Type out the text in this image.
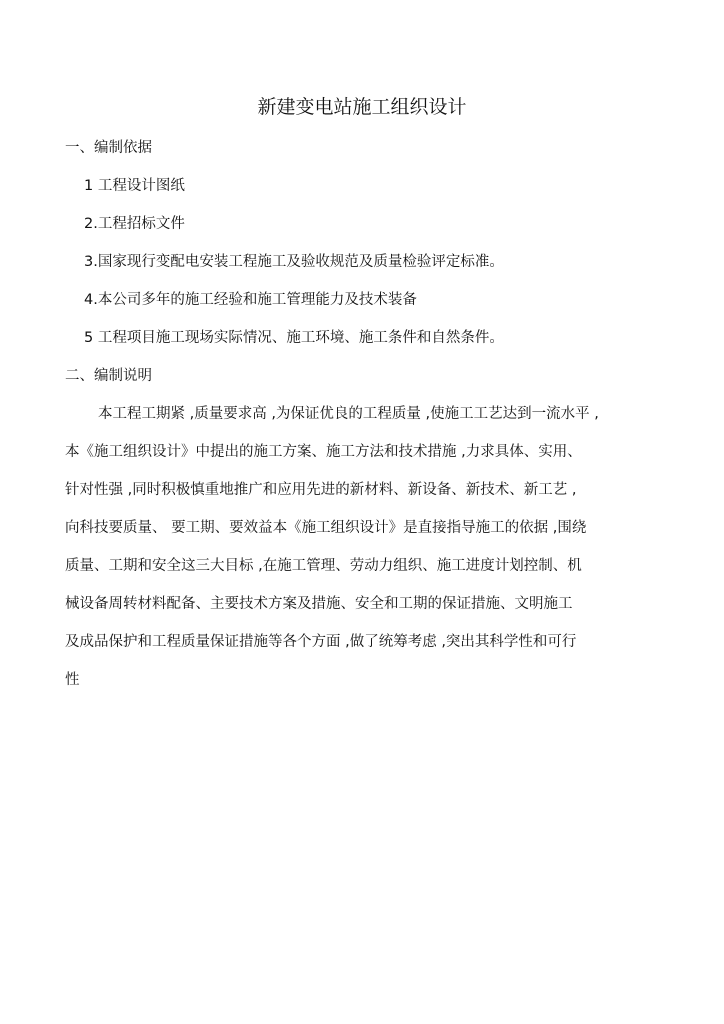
新建变电站施工组织设计
一、编制依据
1 工程设计图纸
2.工程招标文件
3.国家现行变配电安装工程施工及验收规范及质量检验评定标准。
4.本公司多年的施工经验和施工管理能力及技术装备
5 工程项目施工现场实际情况、施工环境、施工条件和自然条件。
二、编制说明
本工程工期紧 ,质量要求高 ,为保证优良的工程质量 ,使施工工艺达到一流水平 ,
本《施工组织设计》中提出的施工方案、施工方法和技术措施 ,力求具体、实用、
针对性强 ,同时积极慎重地推广和应用先进的新材料、新设备、新技术、新工艺 ,
向科技要质量、 要工期、要效益本《施工组织设计》是直接指导施工的依据 ,围绕
质量、工期和安全这三大目标 ,在施工管理、劳动力组织、施工进度计划控制、机
械设备周转材料配备、主要技术方案及措施、安全和工期的保证措施、文明施工
及成品保护和工程质量保证措施等各个方面 ,做了统筹考虑 ,突出其科学性和可行
性
